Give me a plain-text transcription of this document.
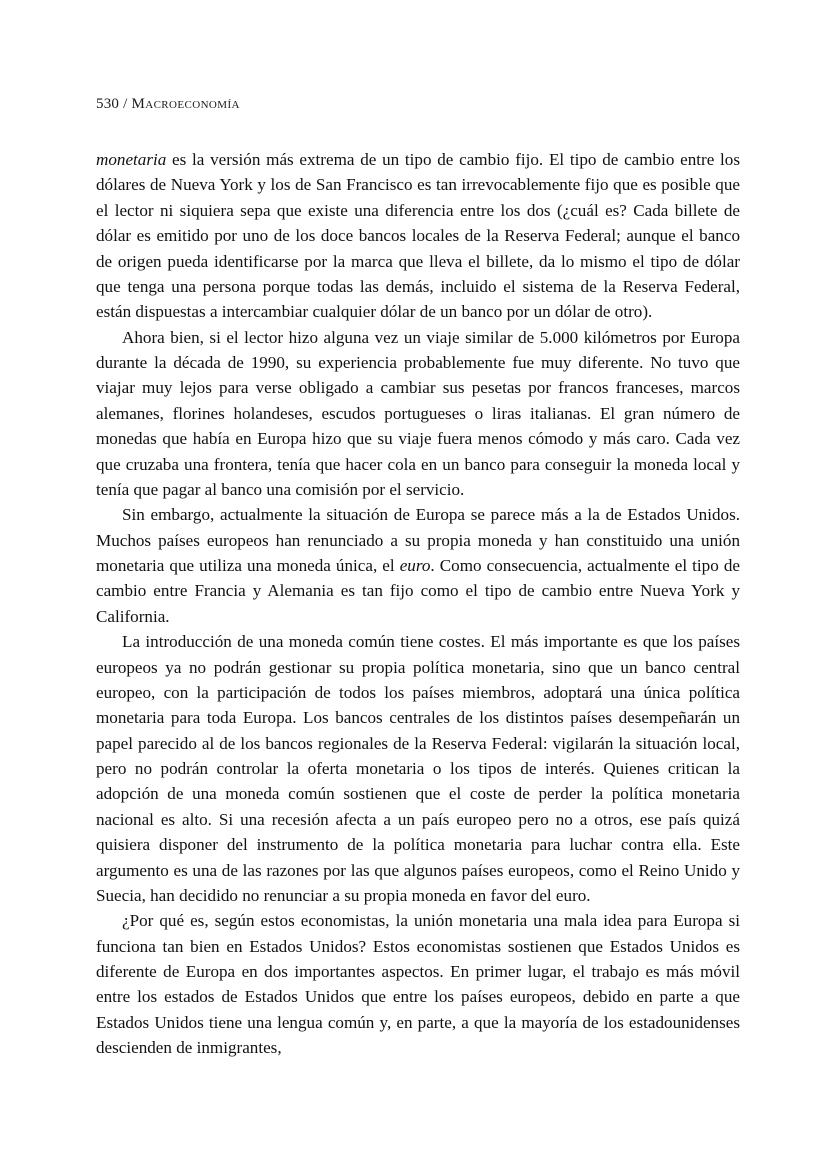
530 / Macroeconomía

monetaria es la versión más extrema de un tipo de cambio fijo. El tipo de cambio entre los dólares de Nueva York y los de San Francisco es tan irrevocablemente fijo que es posible que el lector ni siquiera sepa que existe una diferencia entre los dos (¿cuál es? Cada billete de dólar es emitido por uno de los doce bancos locales de la Reserva Federal; aunque el banco de origen pueda identificarse por la marca que lleva el billete, da lo mismo el tipo de dólar que tenga una persona porque todas las demás, incluido el sistema de la Reserva Federal, están dispuestas a intercambiar cualquier dólar de un banco por un dólar de otro).

Ahora bien, si el lector hizo alguna vez un viaje similar de 5.000 kilómetros por Europa durante la década de 1990, su experiencia probablemente fue muy diferente. No tuvo que viajar muy lejos para verse obligado a cambiar sus pesetas por francos franceses, marcos alemanes, florines holandeses, escudos portugueses o liras italianas. El gran número de monedas que había en Europa hizo que su viaje fuera menos cómodo y más caro. Cada vez que cruzaba una frontera, tenía que hacer cola en un banco para conseguir la moneda local y tenía que pagar al banco una comisión por el servicio.

Sin embargo, actualmente la situación de Europa se parece más a la de Estados Unidos. Muchos países europeos han renunciado a su propia moneda y han constituido una unión monetaria que utiliza una moneda única, el euro. Como consecuencia, actualmente el tipo de cambio entre Francia y Alemania es tan fijo como el tipo de cambio entre Nueva York y California.

La introducción de una moneda común tiene costes. El más importante es que los países europeos ya no podrán gestionar su propia política monetaria, sino que un banco central europeo, con la participación de todos los países miembros, adoptará una única política monetaria para toda Europa. Los bancos centrales de los distintos países desempeñarán un papel parecido al de los bancos regionales de la Reserva Federal: vigilarán la situación local, pero no podrán controlar la oferta monetaria o los tipos de interés. Quienes critican la adopción de una moneda común sostienen que el coste de perder la política monetaria nacional es alto. Si una recesión afecta a un país europeo pero no a otros, ese país quizá quisiera disponer del instrumento de la política monetaria para luchar contra ella. Este argumento es una de las razones por las que algunos países europeos, como el Reino Unido y Suecia, han decidido no renunciar a su propia moneda en favor del euro.

¿Por qué es, según estos economistas, la unión monetaria una mala idea para Europa si funciona tan bien en Estados Unidos? Estos economistas sostienen que Estados Unidos es diferente de Europa en dos importantes aspectos. En primer lugar, el trabajo es más móvil entre los estados de Estados Unidos que entre los países europeos, debido en parte a que Estados Unidos tiene una lengua común y, en parte, a que la mayoría de los estadounidenses descienden de inmigrantes,
